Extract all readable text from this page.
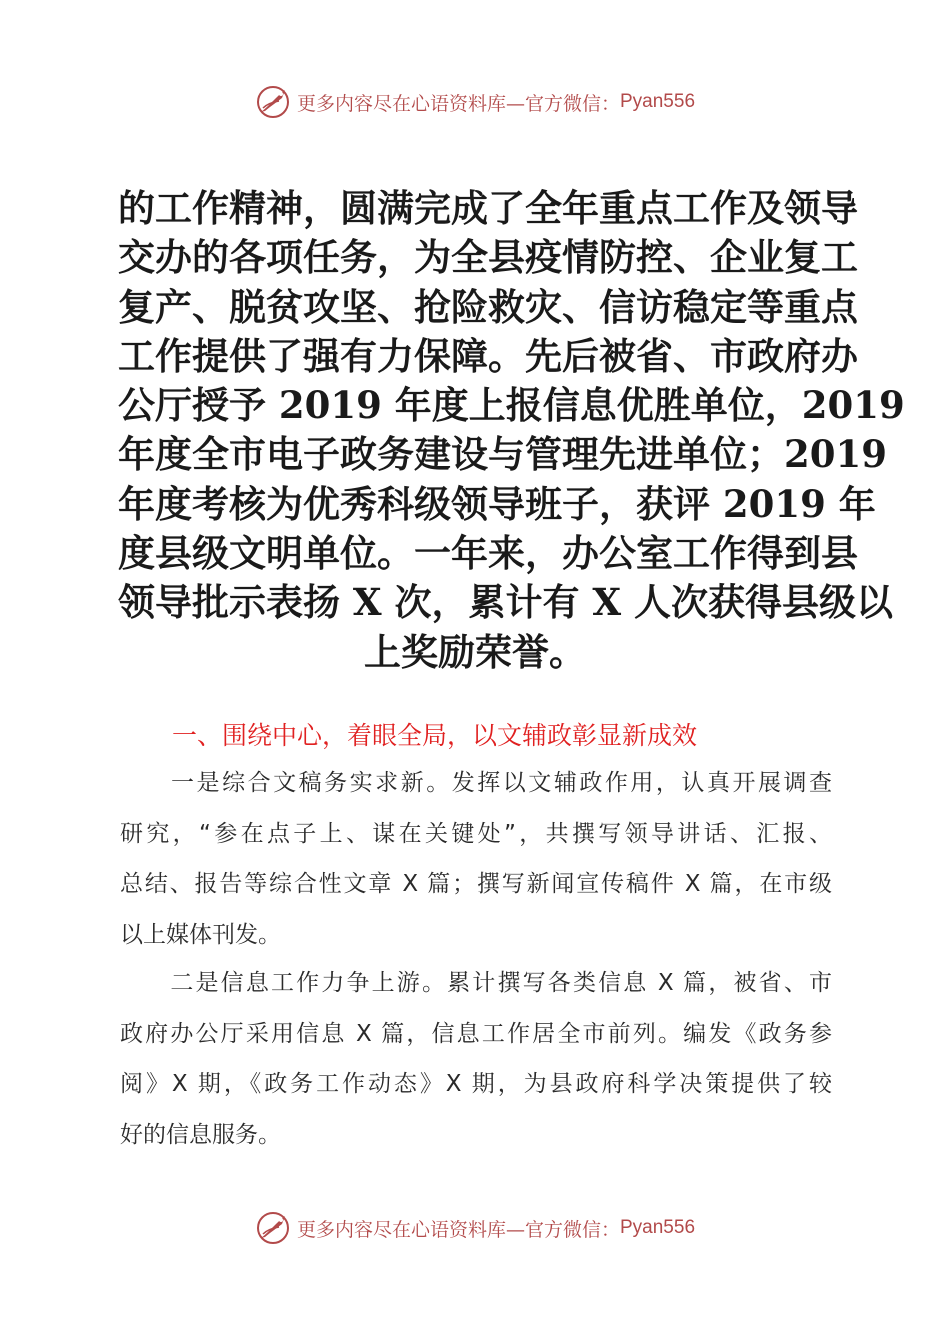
更多内容尽在心语资料库—官方微信： Pyan556
的工作精神，圆满完成了全年重点工作及领导
交办的各项任务，为全县疫情防控、企业复工
复产、脱贫攻坚、抢险救灾、信访稳定等重点
工作提供了强有力保障。先后被省、市政府办
公厅授予 2019 年度上报信息优胜单位，2019
年度全市电子政务建设与管理先进单位；2019
年度考核为优秀科级领导班子，获评 2019 年
度县级文明单位。一年来，办公室工作得到县
领导批示表扬 X 次，累计有 X 人次获得县级以
上奖励荣誉。
一、围绕中心，着眼全局，以文辅政彰显新成效
　　一是综合文稿务实求新。发挥以文辅政作用，认真开展调查
研究，“参在点子上、谋在关键处”，共撰写领导讲话、汇报、
总结、报告等综合性文章 X 篇；撰写新闻宣传稿件 X 篇，在市级
以上媒体刊发。
　　二是信息工作力争上游。累计撰写各类信息 X 篇，被省、市
政府办公厅采用信息 X 篇，信息工作居全市前列。编发《政务参
阅》X 期，《政务工作动态》X 期，为县政府科学决策提供了较
好的信息服务。
更多内容尽在心语资料库—官方微信： Pyan556
